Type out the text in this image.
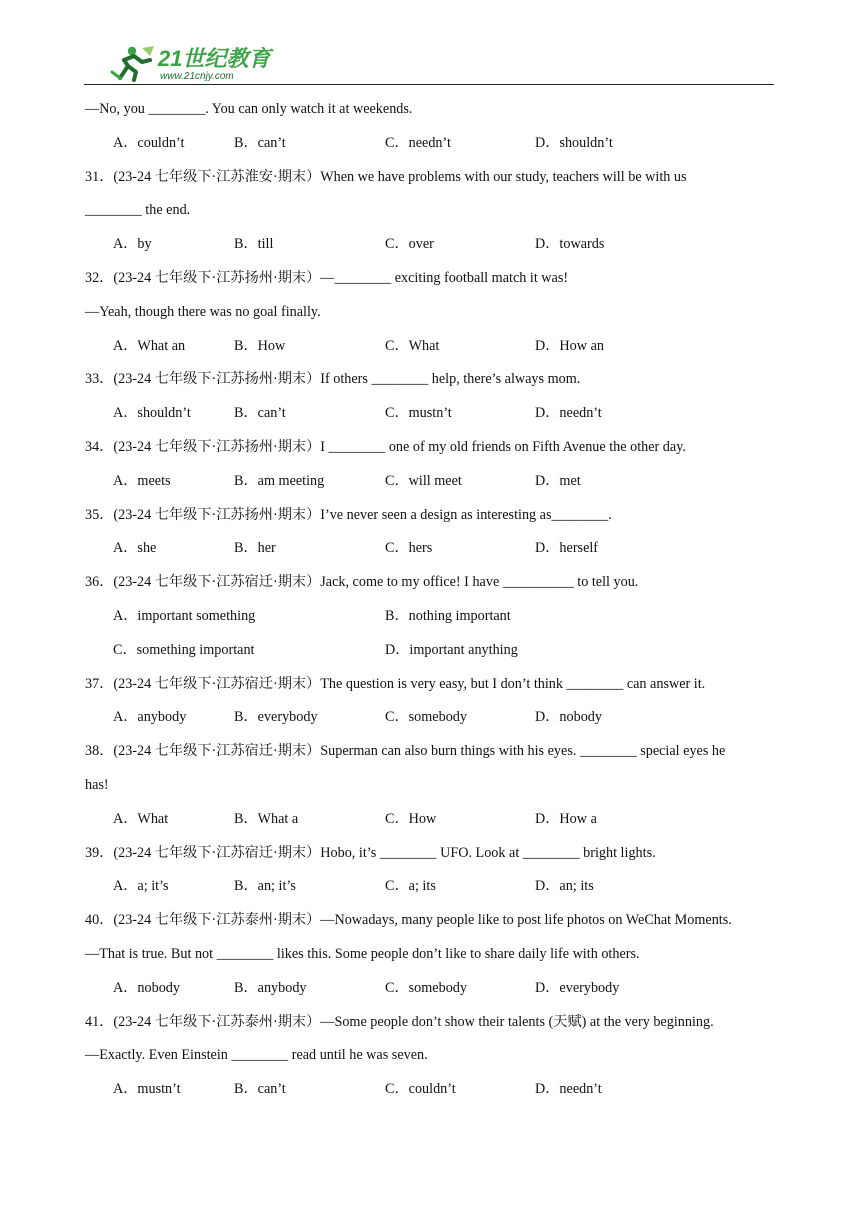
21世纪教育
www.21cnjy.com
—No, you ________. You can only watch it at weekends.
A．couldn’t	B．can’t	C．needn’t	D．shouldn’t
31．(23-24 七年级下·江苏淮安·期末）When we have problems with our study, teachers will be with us
________ the end.
A．by	B．till	C．over	D．towards
32．(23-24 七年级下·江苏扬州·期末）—________ exciting football match it was!
—Yeah, though there was no goal finally.
A．What an	B．How	C．What	D．How an
33．(23-24 七年级下·江苏扬州·期末）If others ________ help, there’s always mom.
A．shouldn’t	B．can’t	C．mustn’t	D．needn’t
34．(23-24 七年级下·江苏扬州·期末）I ________ one of my old friends on Fifth Avenue the other day.
A．meets	B．am meeting	C．will meet	D．met
35．(23-24 七年级下·江苏扬州·期末）I’ve never seen a design as interesting as________.
A．she	B．her	C．hers	D．herself
36．(23-24 七年级下·江苏宿迁·期末）Jack, come to my office! I have __________ to tell you.
A．important something	B．nothing important
C．something important	D．important anything
37．(23-24 七年级下·江苏宿迁·期末）The question is very easy, but I don’t think ________ can answer it.
A．anybody	B．everybody	C．somebody	D．nobody
38．(23-24 七年级下·江苏宿迁·期末）Superman can also burn things with his eyes. ________ special eyes he
has!
A．What	B．What a	C．How	D．How a
39．(23-24 七年级下·江苏宿迁·期末）Hobo, it’s ________ UFO. Look at ________ bright lights.
A．a; it’s	B．an; it’s	C．a; its	D．an; its
40．(23-24 七年级下·江苏泰州·期末）—Nowadays, many people like to post life photos on WeChat Moments.
—That is true. But not ________ likes this. Some people don’t like to share daily life with others.
A．nobody	B．anybody	C．somebody	D．everybody
41．(23-24 七年级下·江苏泰州·期末）—Some people don’t show their talents (天赋) at the very beginning.
—Exactly. Even Einstein ________ read until he was seven.
A．mustn’t	B．can’t	C．couldn’t	D．needn’t
